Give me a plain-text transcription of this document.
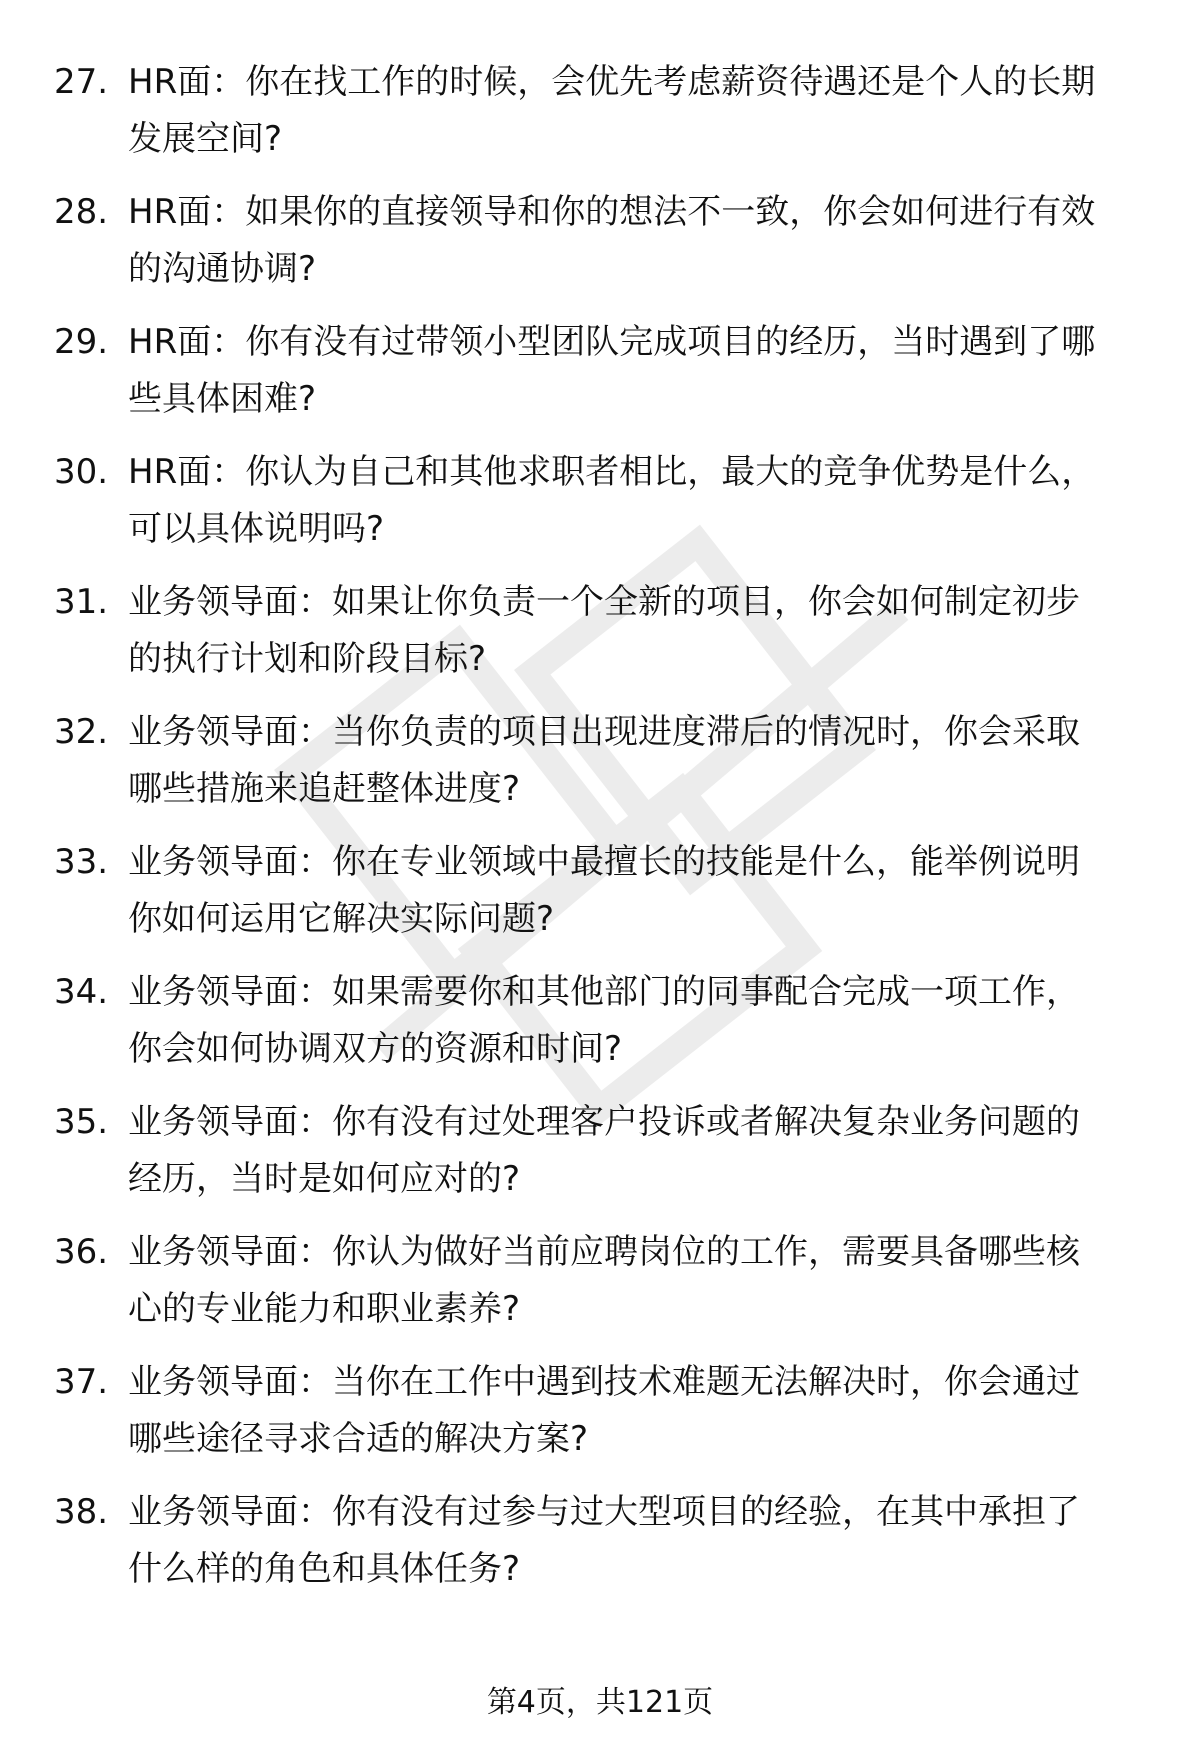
27. HR面：你在找工作的时候，会优先考虑薪资待遇还是个人的长期
发展空间?

28. HR面：如果你的直接领导和你的想法不一致，你会如何进行有效
的沟通协调?

29. HR面：你有没有过带领小型团队完成项目的经历，当时遇到了哪
些具体困难?

30. HR面：你认为自己和其他求职者相比，最大的竞争优势是什么，
可以具体说明吗?

31. 业务领导面：如果让你负责一个全新的项目，你会如何制定初步
的执行计划和阶段目标?

32. 业务领导面：当你负责的项目出现进度滞后的情况时，你会采取
哪些措施来追赶整体进度?

33. 业务领导面：你在专业领域中最擅长的技能是什么，能举例说明
你如何运用它解决实际问题?

34. 业务领导面：如果需要你和其他部门的同事配合完成一项工作，
你会如何协调双方的资源和时间?

35. 业务领导面：你有没有过处理客户投诉或者解决复杂业务问题的
经历，当时是如何应对的?

36. 业务领导面：你认为做好当前应聘岗位的工作，需要具备哪些核
心的专业能力和职业素养?

37. 业务领导面：当你在工作中遇到技术难题无法解决时，你会通过
哪些途径寻求合适的解决方案?

38. 业务领导面：你有没有过参与过大型项目的经验，在其中承担了
什么样的角色和具体任务?

第4页，共121页
